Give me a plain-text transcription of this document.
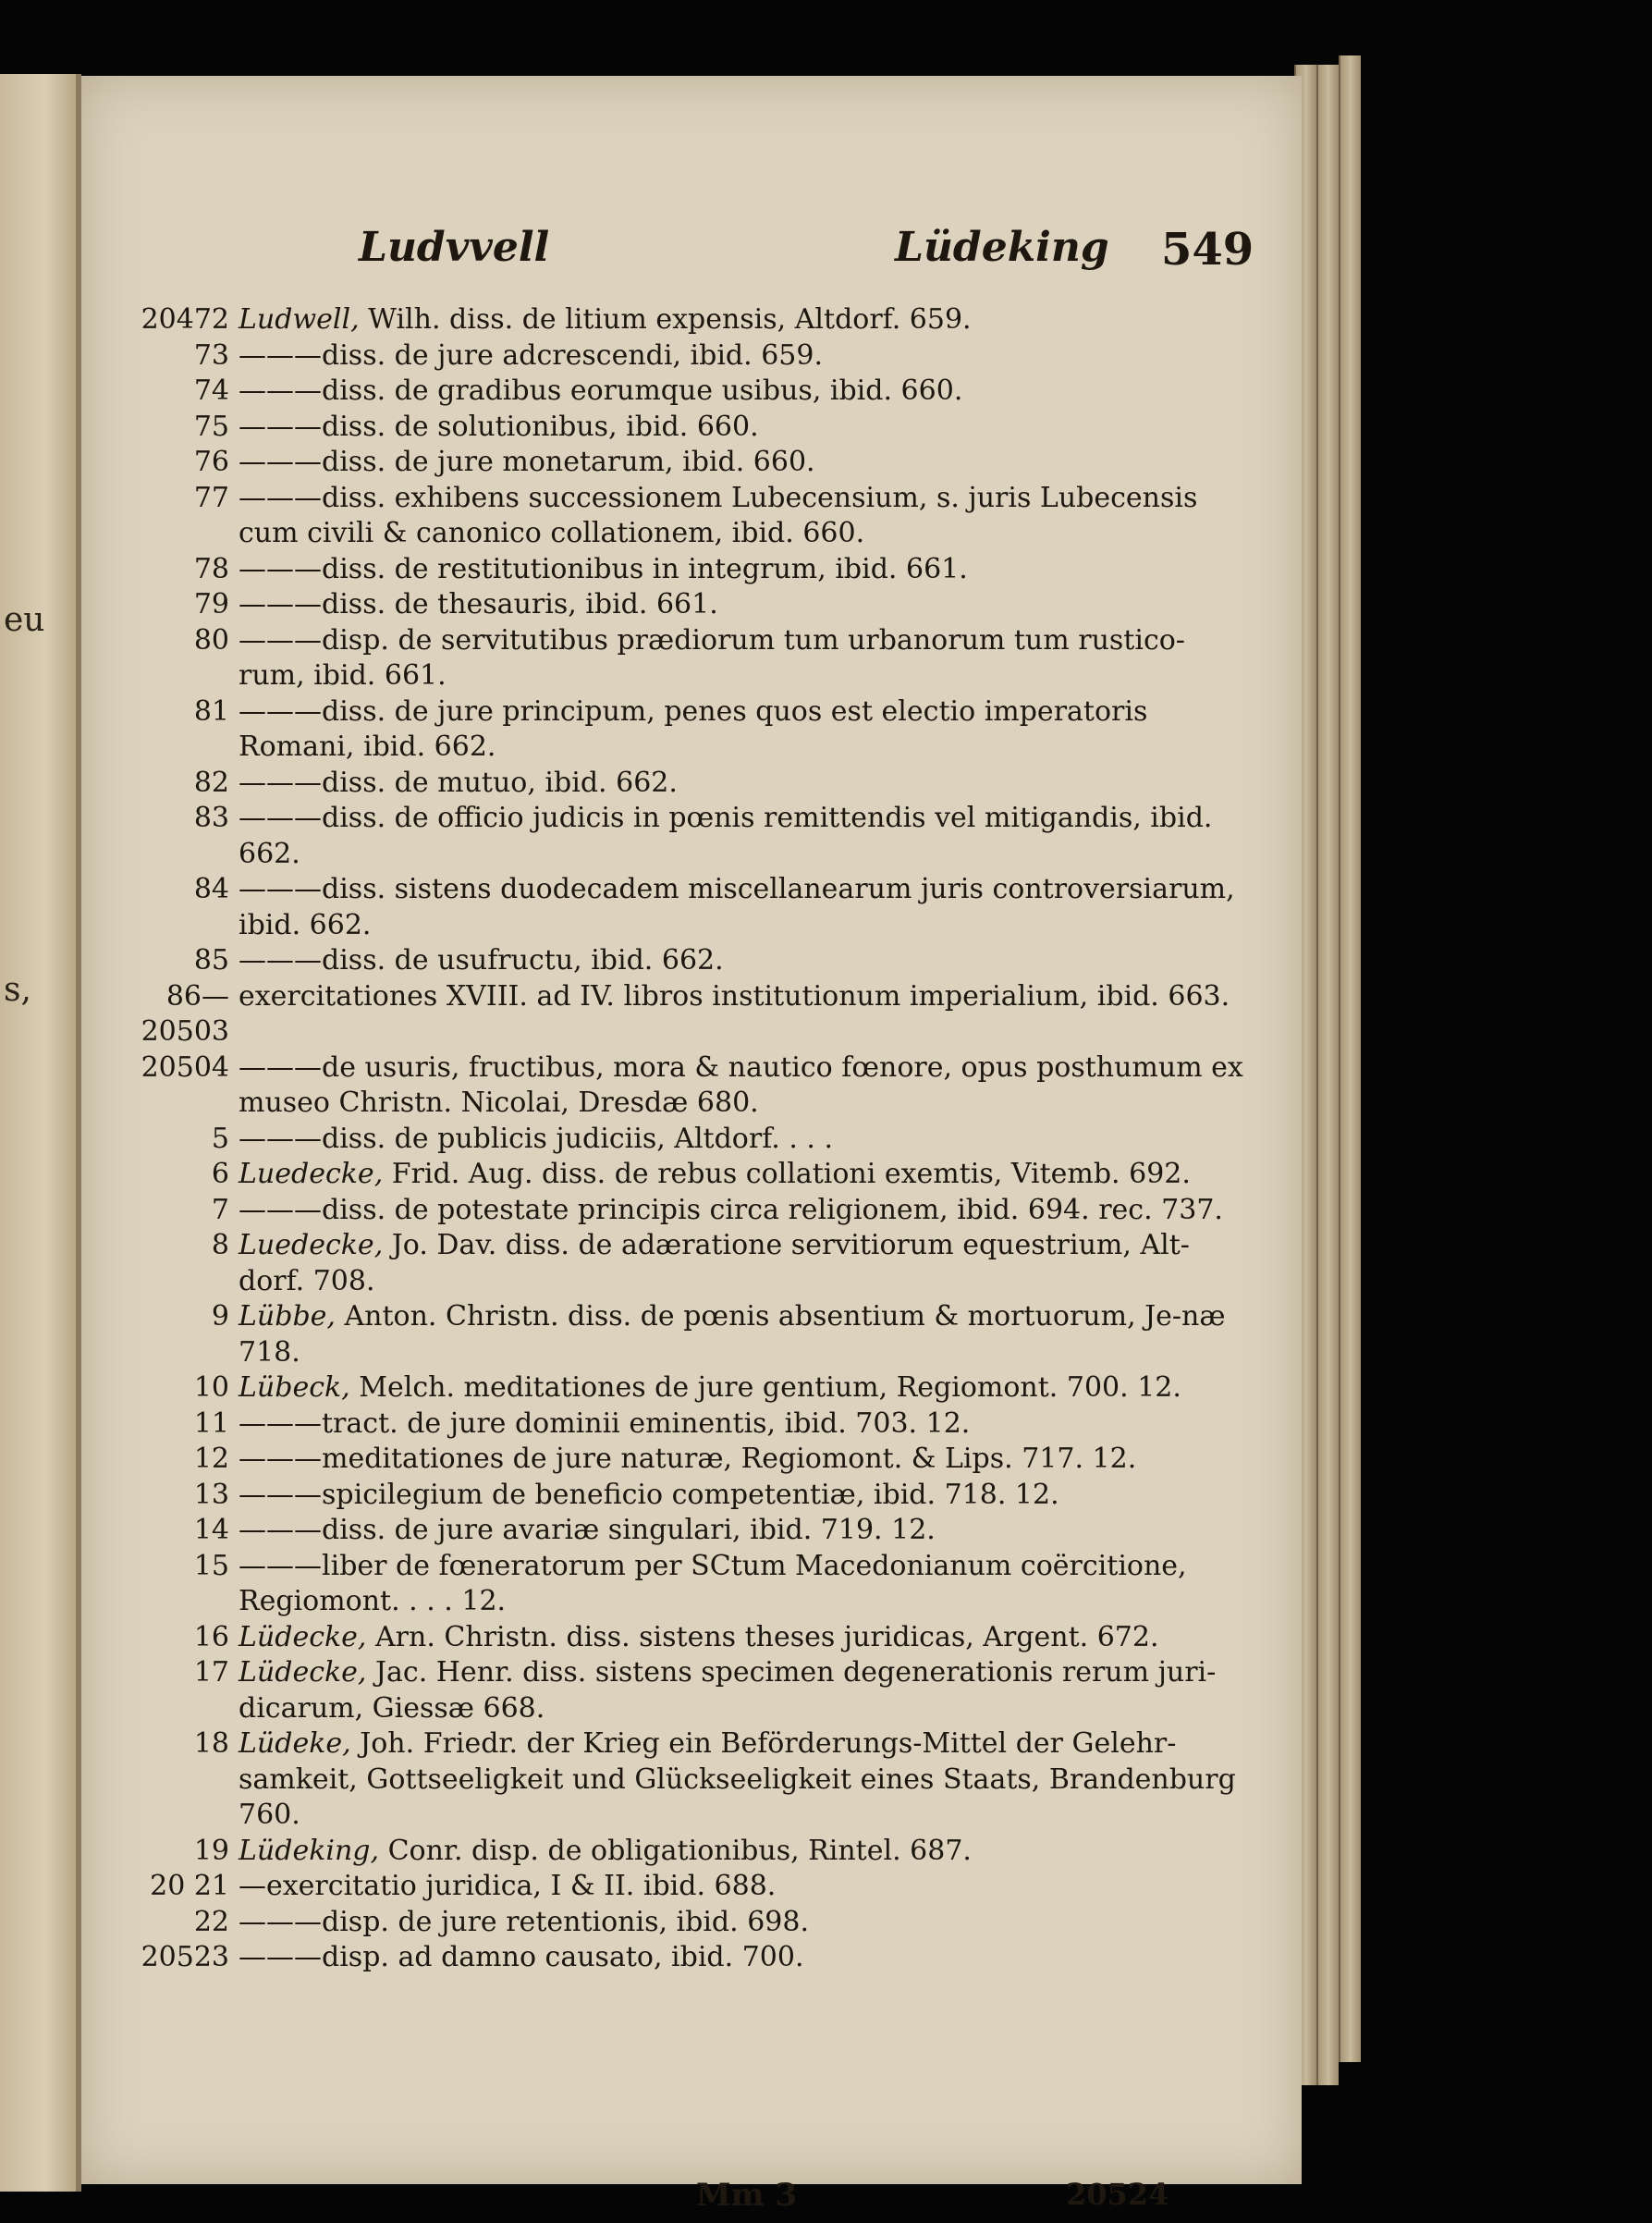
eu
s,
Ludvvell	Lüdeking 549
20472 Ludwell, Wilh. diss. de litium expensis, Altdorf. 659.
73 ———diss. de jure adcrescendi, ibid. 659.
74 ———diss. de gradibus eorumque usibus, ibid. 660.
75 ———diss. de solutionibus, ibid. 660.
76 ———diss. de jure monetarum, ibid. 660.
77 ———diss. exhibens successionem Lubecensium, s. juris Lubecensis cum civili & canonico collationem, ibid. 660.
78 ———diss. de restitutionibus in integrum, ibid. 661.
79 ———diss. de thesauris, ibid. 661.
80 ———disp. de servitutibus prædiorum tum urbanorum tum rustico-rum, ibid. 661.
81 ———diss. de jure principum, penes quos est electio imperatoris Romani, ibid. 662.
82 ———diss. de mutuo, ibid. 662.
83 ———diss. de officio judicis in pœnis remittendis vel mitigandis, ibid. 662.
84 ———diss. sistens duodecadem miscellanearum juris controversiarum, ibid. 662.
85 ———diss. de usufructu, ibid. 662.
86—20503
exercitationes XVIII. ad IV. libros institutionum imperialium, ibid. 663.
20504 ———de usuris, fructibus, mora & nautico fœnore, opus posthumum ex museo Christn. Nicolai, Dresdæ 680.
5 ———diss. de publicis judiciis, Altdorf. . . .
6 Luedecke, Frid. Aug. diss. de rebus collationi exemtis, Vitemb. 692.
7 ———diss. de potestate principis circa religionem, ibid. 694. rec. 737.
8 Luedecke, Jo. Dav. diss. de adæratione servitiorum equestrium, Alt-dorf. 708.
9 Lübbe, Anton. Christn. diss. de pœnis absentium & mortuorum, Je-næ 718.
10 Lübeck, Melch. meditationes de jure gentium, Regiomont. 700. 12.
11 ———tract. de jure dominii eminentis, ibid. 703. 12.
12 ———meditationes de jure naturæ, Regiomont. & Lips. 717. 12.
13 ———spicilegium de beneficio competentiæ, ibid. 718. 12.
14 ———diss. de jure avariæ singulari, ibid. 719. 12.
15 ———liber de fœneratorum per SCtum Macedonianum coërcitione, Regiomont. . . . 12.
16 Lüdecke, Arn. Christn. diss. sistens theses juridicas, Argent. 672.
17 Lüdecke, Jac. Henr. diss. sistens specimen degenerationis rerum juri-dicarum, Giessæ 668.
18 Lüdeke, Joh. Friedr. der Krieg ein Beförderungs-Mittel der Gelehr-samkeit, Gottseeligkeit und Glückseeligkeit eines Staats, Brandenburg 760.
19 Lüdeking, Conr. disp. de obligationibus, Rintel. 687.
20 21 —exercitatio juridica, I & II. ibid. 688.
22 ———disp. de jure retentionis, ibid. 698.
20523 ———disp. ad damno causato, ibid. 700.
Mm 3	20524
